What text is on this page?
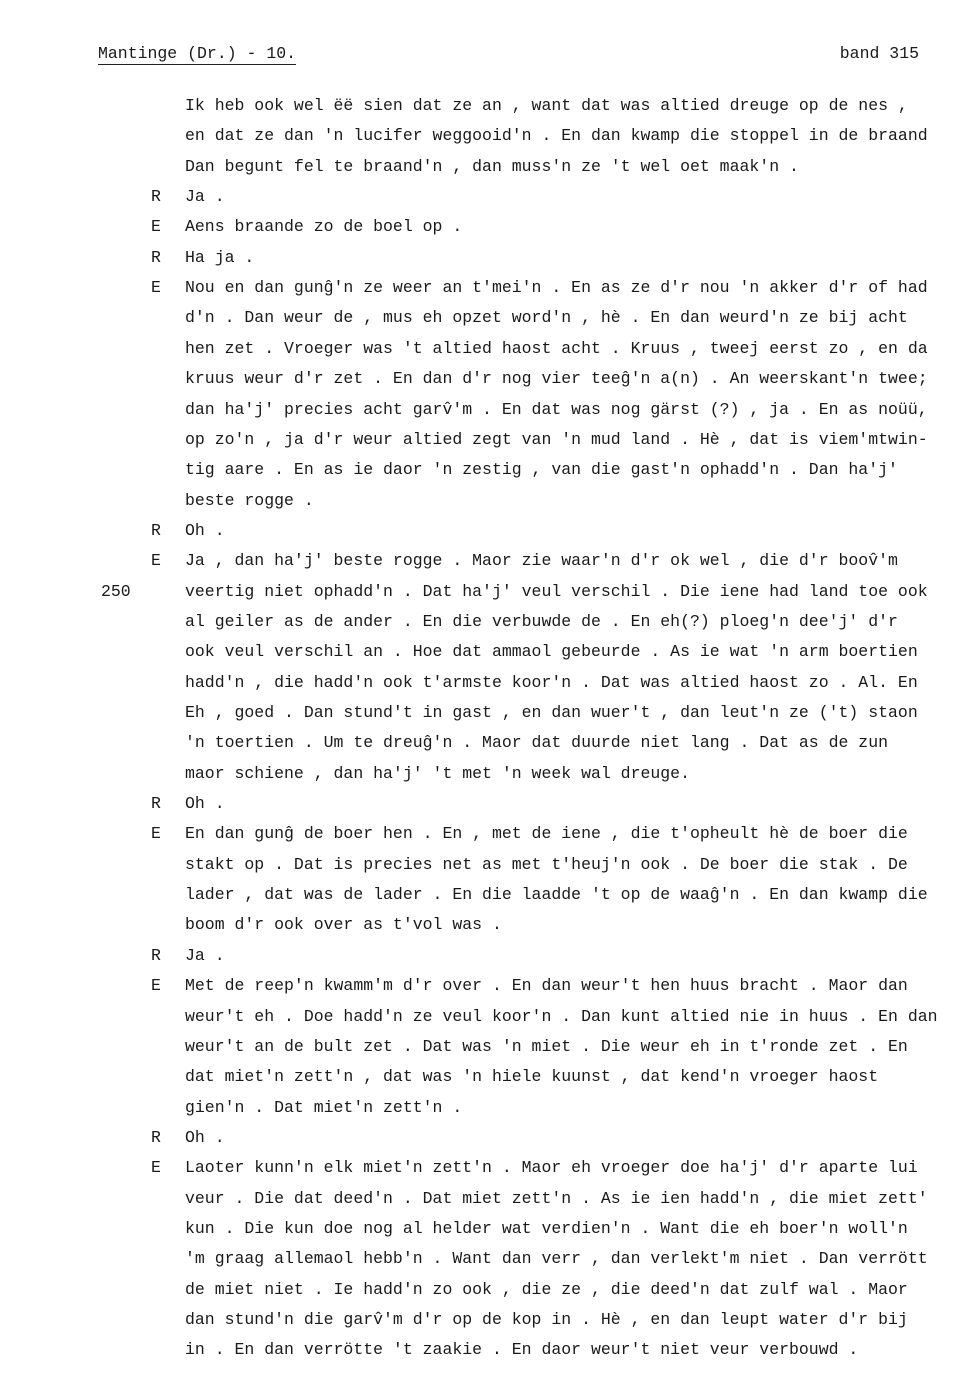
Mantinge (Dr.) - 10.	band 315
Ik heb ook wel ëë sien dat ze an , want dat was altied dreuge op de nes ,
en dat ze dan 'n lucifer weggooid'n . En dan kwamp die stoppel in de braand
Dan begunt fel te braand'n , dan muss'n ze 't wel oet maak'n .
Ja .
Aens braande zo de boel op .
Ha ja .
Nou en dan gunĝ'n ze weer an t'mei'n . En as ze d'r nou 'n akker d'r of had
d'n . Dan weur de , mus eh opzet word'n , hè . En dan weurd'n ze bij acht
hen zet . Vroeger was 't altied haost acht . Kruus , tweej eerst zo , en da
kruus weur d'r zet . En dan d'r nog vier teeĝ'n a(n) . An weerskant'n twee;
dan ha'j' precies acht garv̂'m . En dat was nog gärst (?) , ja . En as noüü,
op zo'n , ja d'r weur altied zegt van 'n mud land . Hè , dat is viem'mtwin-
tig aare . En as ie daor 'n zestig , van die gast'n ophadd'n . Dan ha'j'
beste rogge .
Oh .
Ja , dan ha'j' beste rogge . Maor zie waar'n d'r ok wel , die d'r boov̂'m
veertig niet ophadd'n . Dat ha'j' veul verschil . Die iene had land toe ook
al geiler as de ander . En die verbuwde de . En eh(?) ploeg'n dee'j' d'r
ook veul verschil an . Hoe dat ammaol gebeurde . As ie wat 'n arm boertien
hadd'n , die hadd'n ook t'armste koor'n . Dat was altied haost zo . Al. En
Eh , goed . Dan stund't in gast , en dan wuer't , dan leut'n ze ('t) staon
'n toertien . Um te dreuĝ'n . Maor dat duurde niet lang . Dat as de zun
maor schiene , dan ha'j' 't met 'n week wal dreuge.
Oh .
En dan gunĝ de boer hen . En , met de iene , die t'opheult hè de boer die
stakt op . Dat is precies net as met t'heuj'n ook . De boer die stak . De
lader , dat was de lader . En die laadde 't op de waaĝ'n . En dan kwamp die
boom d'r ook over as t'vol was .
Ja .
Met de reep'n kwamm'm d'r over . En dan weur't hen huus bracht . Maor dan
weur't eh . Doe hadd'n ze veul koor'n . Dan kunt altied nie in huus . En dan
weur't an de bult zet . Dat was 'n miet . Die weur eh in t'ronde zet . En
dat miet'n zett'n , dat was 'n hiele kuunst , dat kend'n vroeger haost
gien'n . Dat miet'n zett'n .
Oh .
Laoter kunn'n elk miet'n zett'n . Maor eh vroeger doe ha'j' d'r aparte lui
veur . Die dat deed'n . Dat miet zett'n . As ie ien hadd'n , die miet zett'
kun . Die kun doe nog al helder wat verdien'n . Want die eh boer'n woll'n
'm graag allemaol hebb'n . Want dan verr , dan verlekt'm niet . Dan verrött
de miet niet . Ie hadd'n zo ook , die ze , die deed'n dat zulf wal . Maor
dan stund'n die garv̂'m d'r op de kop in . Hè , en dan leupt water d'r bij
in . En dan verrötte 't zaakie . En daor weur't niet veur verbouwd .
R
E
R
E
R
E
R
E
R
E
R
E
250
